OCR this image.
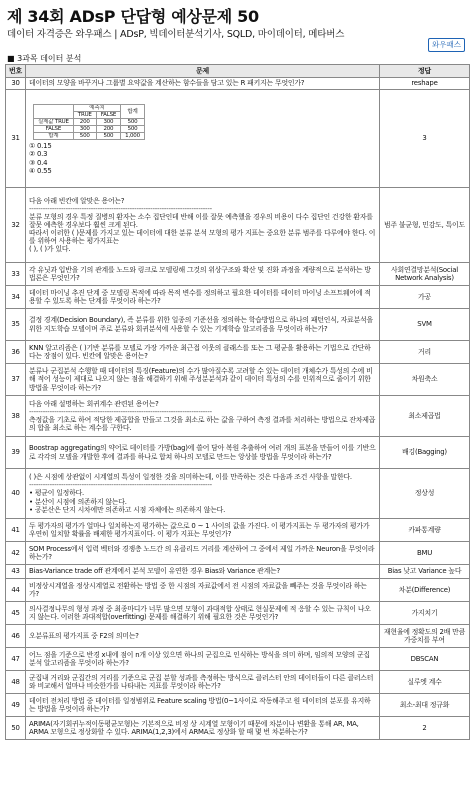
제 34회 ADsP 단답형 예상문제 50
데이터 자격증은 와우패스 | ADsP, 빅데이터분석기사, SQLD, 마이데이터, 메타버스
■ 3과목 데이터 분석
와우패스
번호	문제	정답
30	데이터의 모양을 바꾸거나 그룹별 요약값을 계산하는 함수들을 담고 있는 R 패키지는 무엇인가?	reshape
31	
	예측치	합계
TRUE	FALSE
실제값 TRUE	200	300	500
FALSE	300	200	500
합계	500	500	1,000
① 0.15
② 0.3
③ 0.4
④ 0.55
	3
32	
다음 아래 빈칸에 알맞은 용어는?
--------------------------------------------------------------------------------
분류 모형의 경우 특정 질병의 환자는 소수 집단인데 반해 이를 잘못 예측했을 경우의 비용이 다수 집단인 건강한 환자를 잘못 예측한 경우보다 훨씬 크게 된다.
따라서 이러한 ( )문제를 가지고 있는 데이터에 대한 분류 분석 모형의 평가 지표는 중요한 분류 범주를 다루에야 한다. 이를 위하여 사용하는 평가지표는
( ), ( )가 있다.
	범주 불균형, 민감도, 특이도
33	각 유닛과 입반을 기의 관계를 노드와 링크로 모델링해 그것의 위상구조와 확산 및 진화 과정을 계량적으로 분석하는 방법론은 무엇인가?	사회연결망분석(Social Network Analysis)
34	데이터 마이닝 추진 단계 중 모델링 목적에 따라 목적 변수를 정의하고 필요한 데이터를 데이터 마이닝 소프트웨어에 적용할 수 있도록 하는 단계를 무엇이라 하는가?	가공
35	결정 경계(Decision Boundary), 즉 분류를 위한 일종의 기준선을 정의하는 학습방법으로 하나의 패턴인식, 자료분석을 위한 지도학습 모델이며 주로 분류와 회귀분석에 사용할 수 있는 기계학습 알고리즘을 무엇이라 하는가?	SVM
36	KNN 알고리즘은 ( )기반 분류를 모델로 가장 가까운 최근접 이웃의 클래스를 또는 그 평균을 활용하는 기법으로 간단하다는 장점이 있다. 빈칸에 알맞은 용어는?	거리
37	분류나 군집분석 수행할 때 데이터의 특징(Feature)의 수가 많아질수록 고려할 수 있는 데이터 개체수가 특성의 수에 비해 적어 성능이 제대로 나오지 않는 점을 해결하기 위해 주성분분석과 같이 데이터 특성의 수를 인위적으로 줄이기 위한 방법을 무엇이라 하는가?	차원축소
38	
다음 아래 설명하는 회귀계수 관련된 용어는?
--------------------------------------------------------------------------------
측정값을 기초로 하여 적당한 제곱합을 만들고 그것을 최소로 하는 값을 구하여 측정 결과를 처리하는 방법으로 잔차제곱의 합을 최소로 하는 계수를 구한다.
	최소제곱법
39	Boostrap aggregating의 약어로 데이터를 가방(bag)에 쓸어 담아 복원 추출하여 여러 개의 표본을 만들어 이를 기반으로 각각의 모델을 개발한 후에 결과를 하나로 합쳐 하나의 모델로 만드는 앙상블 방법을 무엇이라 하는가?	배깅(Bagging)
40	
( )은 시점에 상관없이 시계열의 특성이 일정한 것을 의미하는데, 이를 만족하는 것은 다음과 조건 사항을 말한다.
--------------------------------------------------------------------------------
• 평균이 일정하다.
• 분산이 시점에 의존하지 않는다.
• 공분산은 단지 시차에만 의존하고 시점 자체에는 의존하지 않는다.
	정상성
41	두 평가자의 평가가 얼마나 일치하는지 평가하는 값으로 0 ~ 1 사이의 값을 가진다. 이 평가지표는 두 평가자의 평가가 우연히 일치할 확률을 배제한 평가지표이다. 이 평가 지표는 무엇인가?	카파통계량
42	SOM Process에서 입력 벡터와 경쟁층 노드간 의 유클리드 거리를 계산하여 그 중에서 제일 가까운 Neuron을 무엇이라 하는가?	BMU
43	Bias-Variance trade off 관계에서 분석 모델이 유연한 경우 Bias와 Variance 관계는?	Bias 낮고 Variance 높다
44	비정상시계열을 정상시계열로 전환하는 방법 중 한 시점의 자료값에서 전 시점의 자료값을 빼주는 것을 무엇이라 하는가?	차분(Difference)
45	의사결정나무의 형성 과정 중 최종마디가 너무 많으면 모형이 과대적합 상태로 현실문제에 적 응할 수 있는 규칙이 나오지 않는다. 이러한 과대적합(overfitting) 문제를 해결하기 위해 필요한 것은 무엇인가?	가지치기
46	오분류표의 평가지표 중 F2의 의미는?	재현율에 정확도의 2배 만큼 가중치를 부여
47	어느 점을 기준으로 반경 x내에 점이 n개 이상 있으면 하나의 군집으로 인식하는 방식을 의미 하며, 임의적 모양의 군집분석 알고리즘을 무엇이라 하는가?	DBSCAN
48	군집내 거리와 군집간의 거리를 기준으로 군집 분할 성과를 측정하는 방식으로 클러스터 안의 데이터들이 다른 클러스터와 비교해서 얼마나 비슷한가를 나타내는 지표를 무엇이라 하는가?	실루엣 계수
49	데이터 전처리 방법 중 데이터를 일정범위로 Feature scaling 방법(0~1사이로 작동해주고 원 데이터의 분포를 유지하는 방법을 무엇이라 하는가?	최소-최대 정규화
50	ARIMA(자기회귀누적이동평균모형)는 기본적으로 비정 상 시계열 모형이기 때문에 차분이나 변환을 통해 AR, MA, ARMA 모형으로 정상화할 수 있다. ARIMA(1,2,3)에서 ARMA로 정상화 할 때 몇 번 차분하는가?	2
